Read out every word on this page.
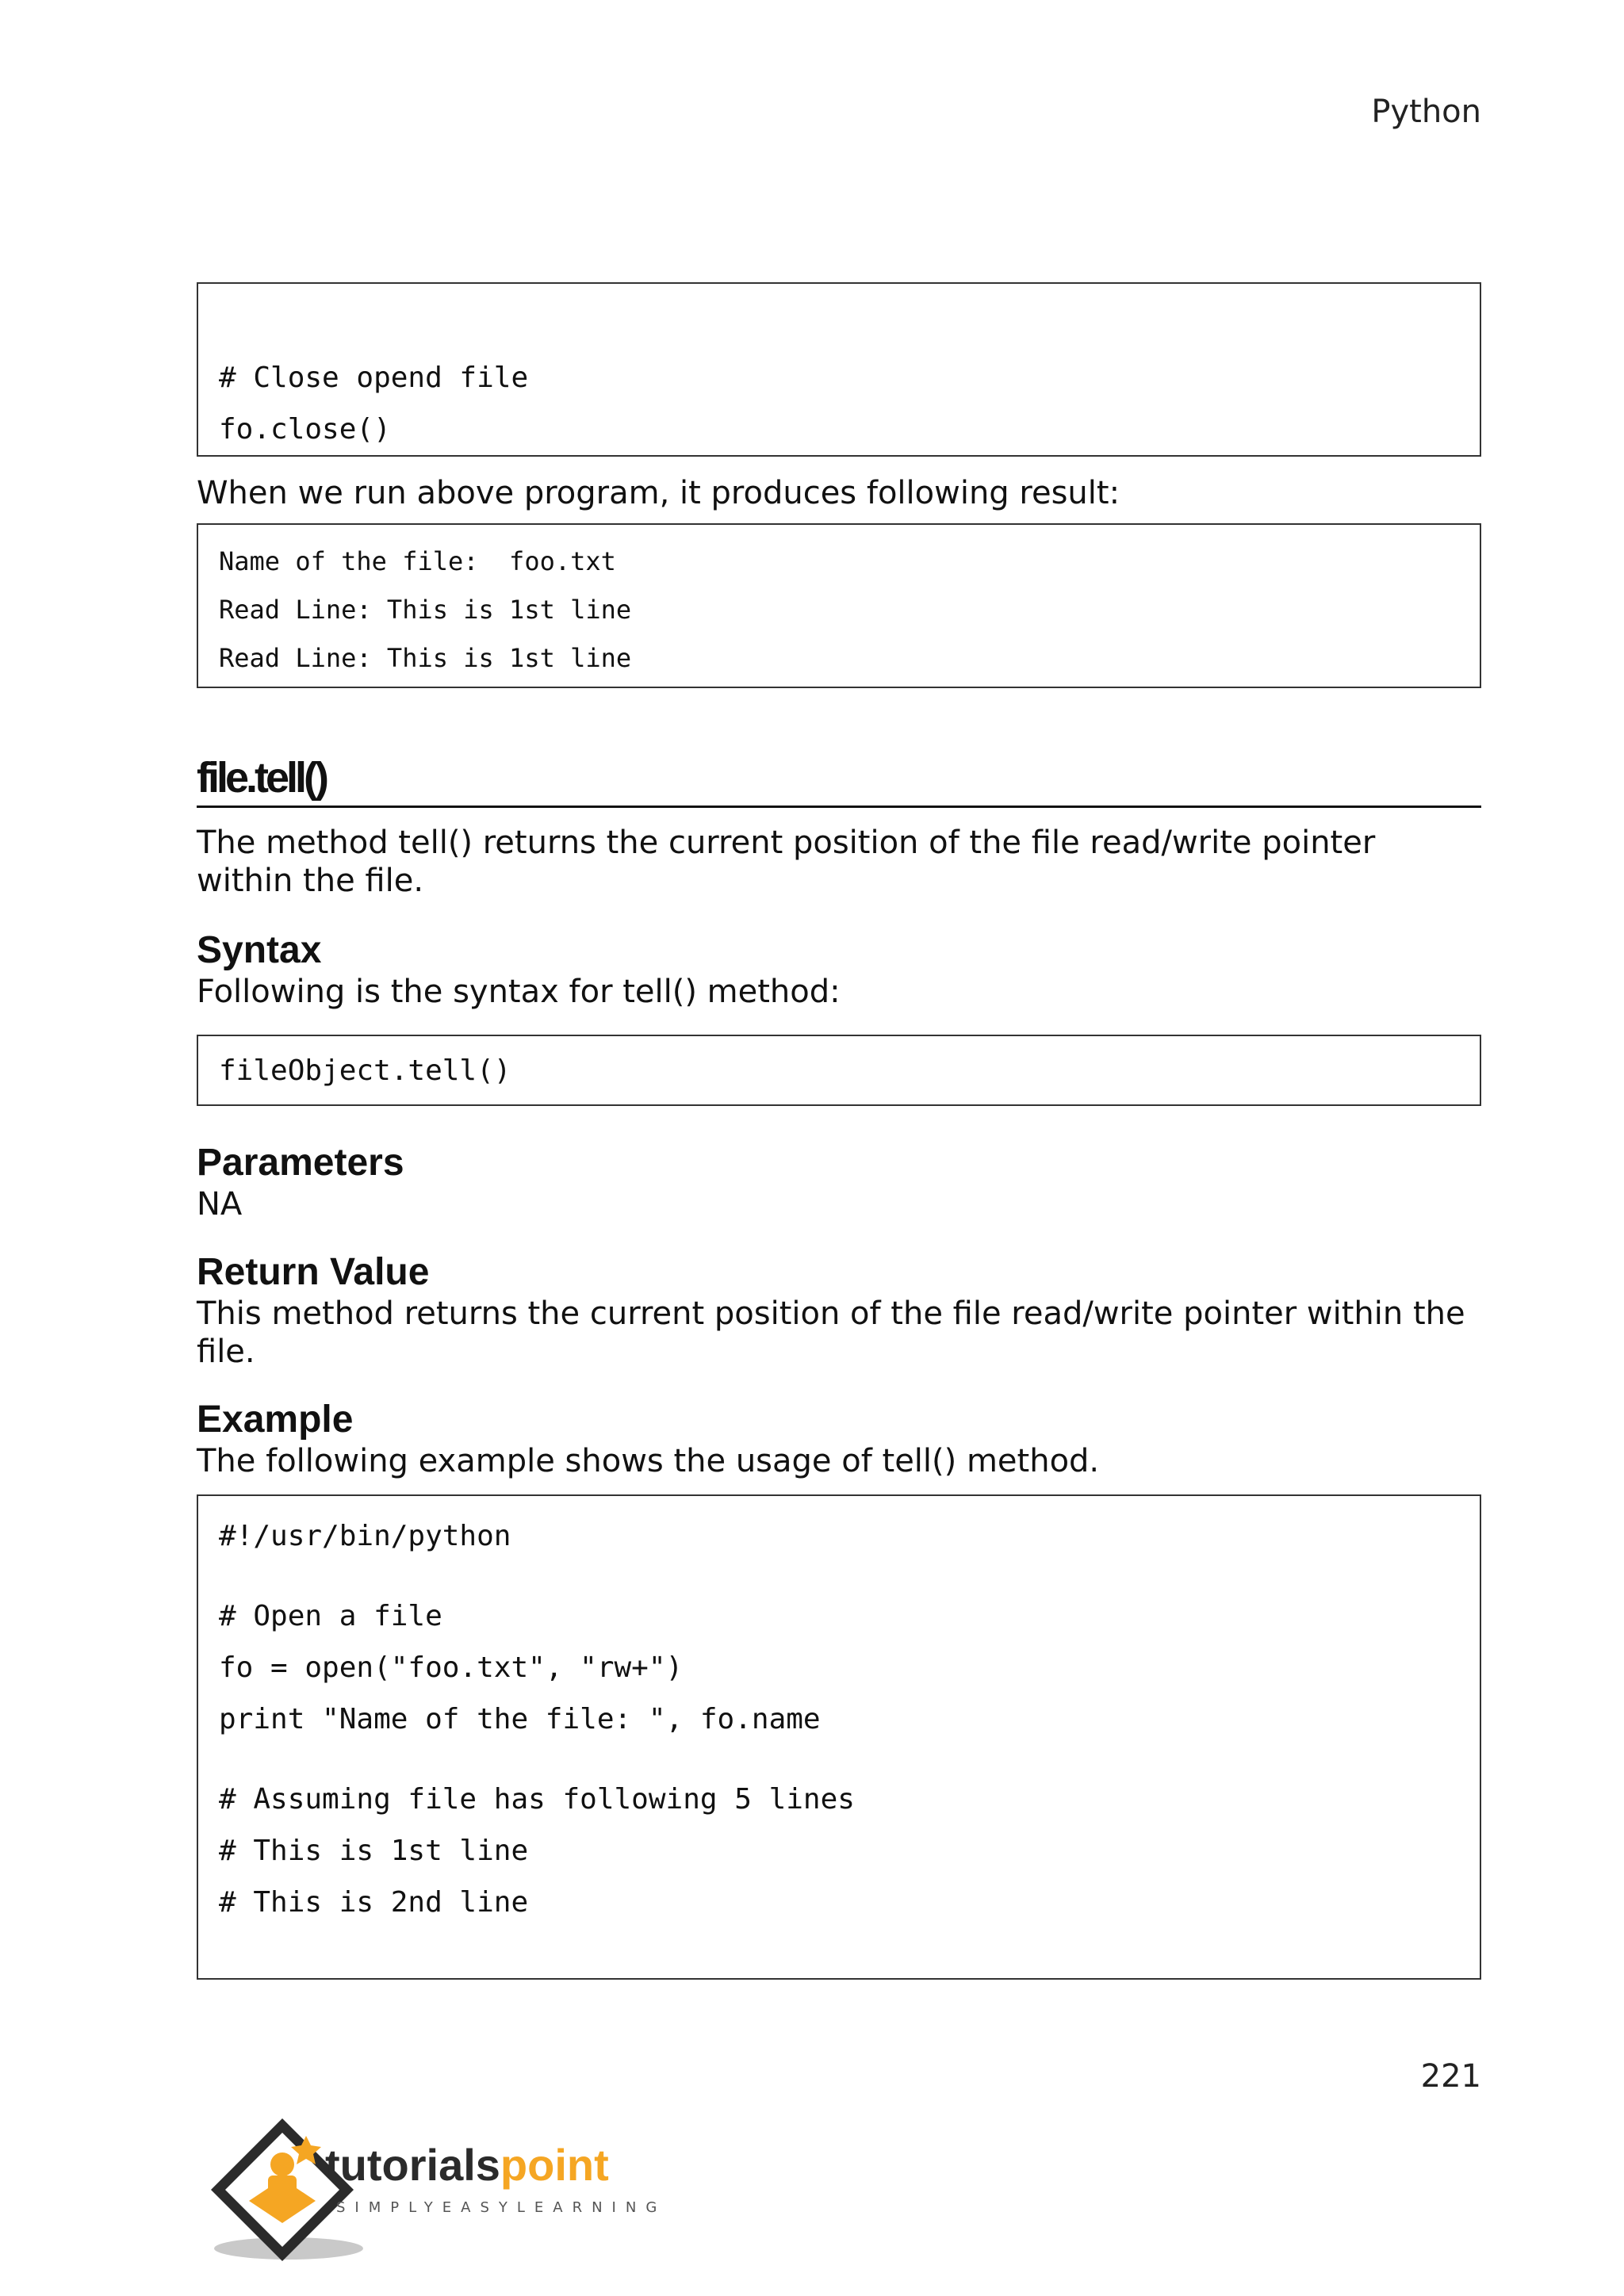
Python
# Close opend file
fo.close()

When we run above program, it produces following result:

Name of the file:  foo.txt
Read Line: This is 1st line
Read Line: This is 1st line
file.tell()

The method tell() returns the current position of the file read/write pointer within the file.

Syntax

Following is the syntax for tell() method:

fileObject.tell()
Parameters

NA

Return Value

This method returns the current position of the file read/write pointer within the file.

Example

The following example shows the usage of tell() method.

#!/usr/bin/python
# Open a file
fo = open("foo.txt", "rw+")
print "Name of the file: ", fo.name
# Assuming file has following 5 lines
# This is 1st line
# This is 2nd line
221
tutorialspoint
SIMPLYEASYLEARNING
